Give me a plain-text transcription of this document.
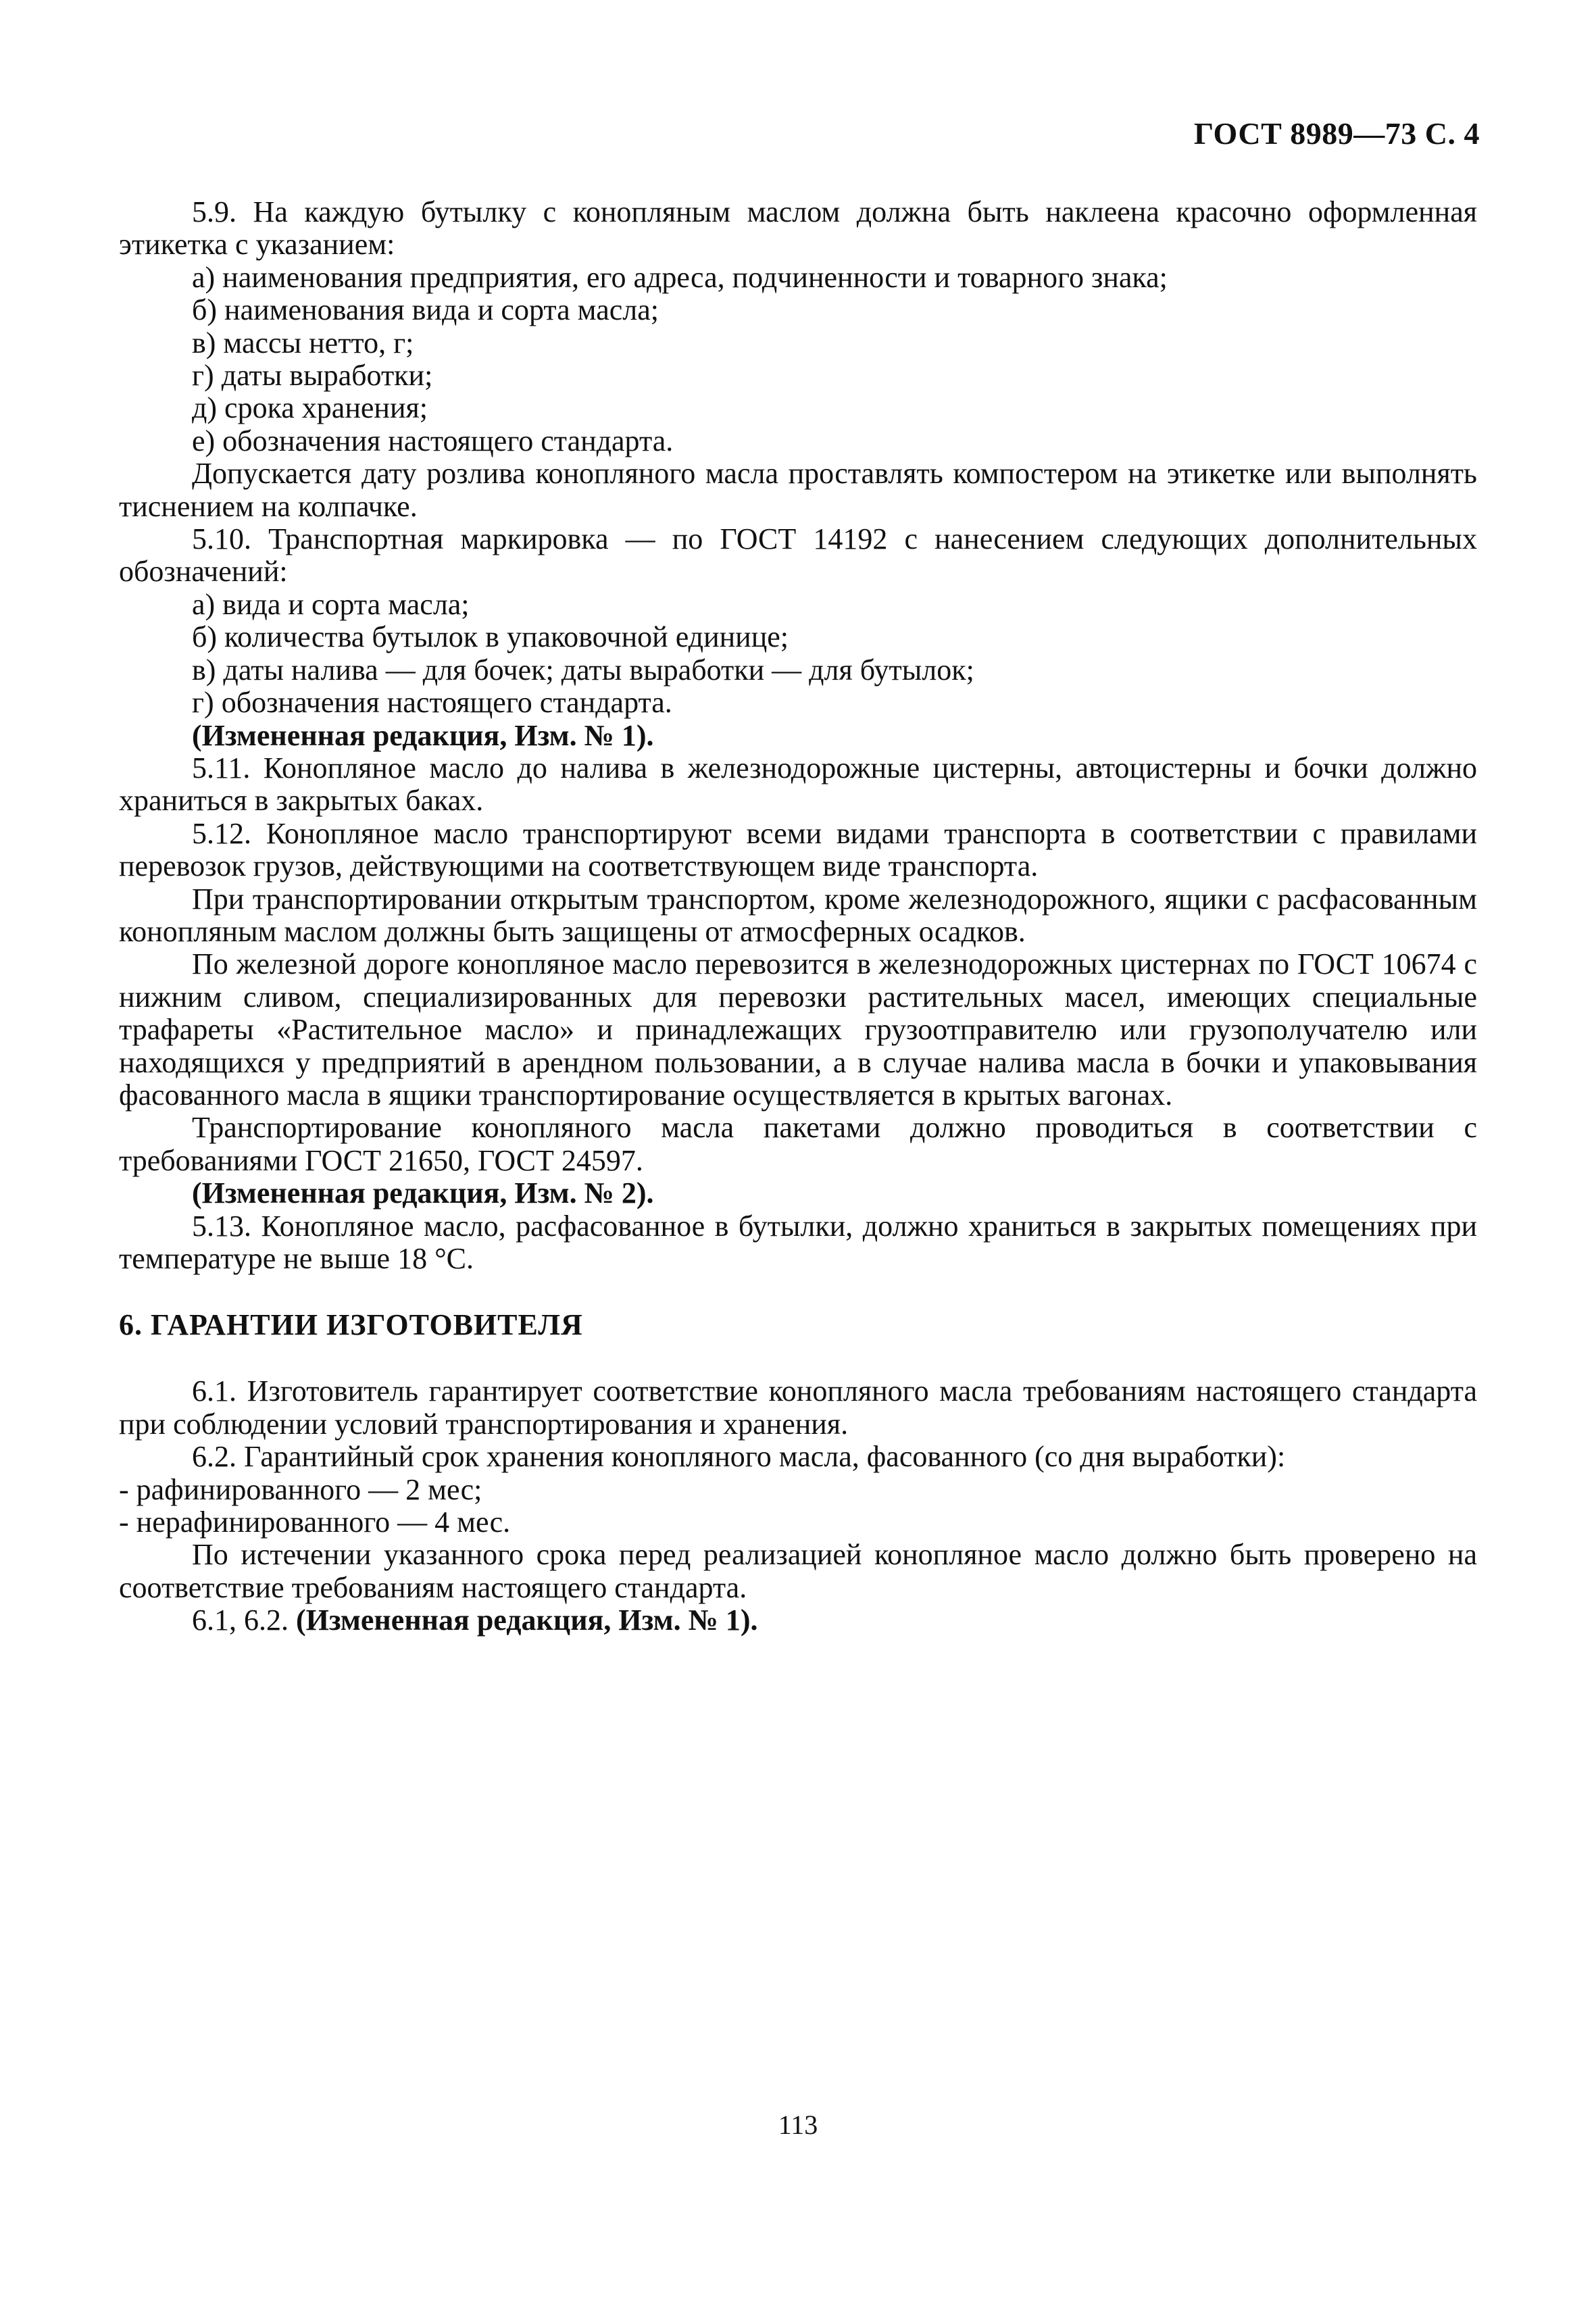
ГОСТ 8989—73 С. 4

5.9. На каждую бутылку с конопляным маслом должна быть наклеена красочно оформленная этикетка с указанием:

а) наименования предприятия, его адреса, подчиненности и товарного знака;

б) наименования вида и сорта масла;

в) массы нетто, г;

г) даты выработки;

д) срока хранения;

е) обозначения настоящего стандарта.

Допускается дату розлива конопляного масла проставлять компостером на этикетке или выполнять тиснением на колпачке.

5.10. Транспортная маркировка — по ГОСТ 14192 с нанесением следующих дополнительных обозначений:

а) вида и сорта масла;

б) количества бутылок в упаковочной единице;

в) даты налива — для бочек; даты выработки — для бутылок;

г) обозначения настоящего стандарта.

(Измененная редакция, Изм. № 1).

5.11. Конопляное масло до налива в железнодорожные цистерны, автоцистерны и бочки должно храниться в закрытых баках.

5.12. Конопляное масло транспортируют всеми видами транспорта в соответствии с правилами перевозок грузов, действующими на соответствующем виде транспорта.

При транспортировании открытым транспортом, кроме железнодорожного, ящики с расфасованным конопляным маслом должны быть защищены от атмосферных осадков.

По железной дороге конопляное масло перевозится в железнодорожных цистернах по ГОСТ 10674 с нижним сливом, специализированных для перевозки растительных масел, имеющих специальные трафареты «Растительное масло» и принадлежащих грузоотправителю или грузополучателю или находящихся у предприятий в арендном пользовании, а в случае налива масла в бочки и упаковывания фасованного масла в ящики транспортирование осуществляется в крытых вагонах.

Транспортирование конопляного масла пакетами должно проводиться в соответствии с требованиями ГОСТ 21650, ГОСТ 24597.

(Измененная редакция, Изм. № 2).

5.13. Конопляное масло, расфасованное в бутылки, должно храниться в закрытых помещениях при температуре не выше 18 °С.

6. ГАРАНТИИ ИЗГОТОВИТЕЛЯ

6.1. Изготовитель гарантирует соответствие конопляного масла требованиям настоящего стандарта при соблюдении условий транспортирования и хранения.

6.2. Гарантийный срок хранения конопляного масла, фасованного (со дня выработки):

- рафинированного — 2 мес;

- нерафинированного — 4 мес.

По истечении указанного срока перед реализацией конопляное масло должно быть проверено на соответствие требованиям настоящего стандарта.

6.1, 6.2. (Измененная редакция, Изм. № 1).

113
